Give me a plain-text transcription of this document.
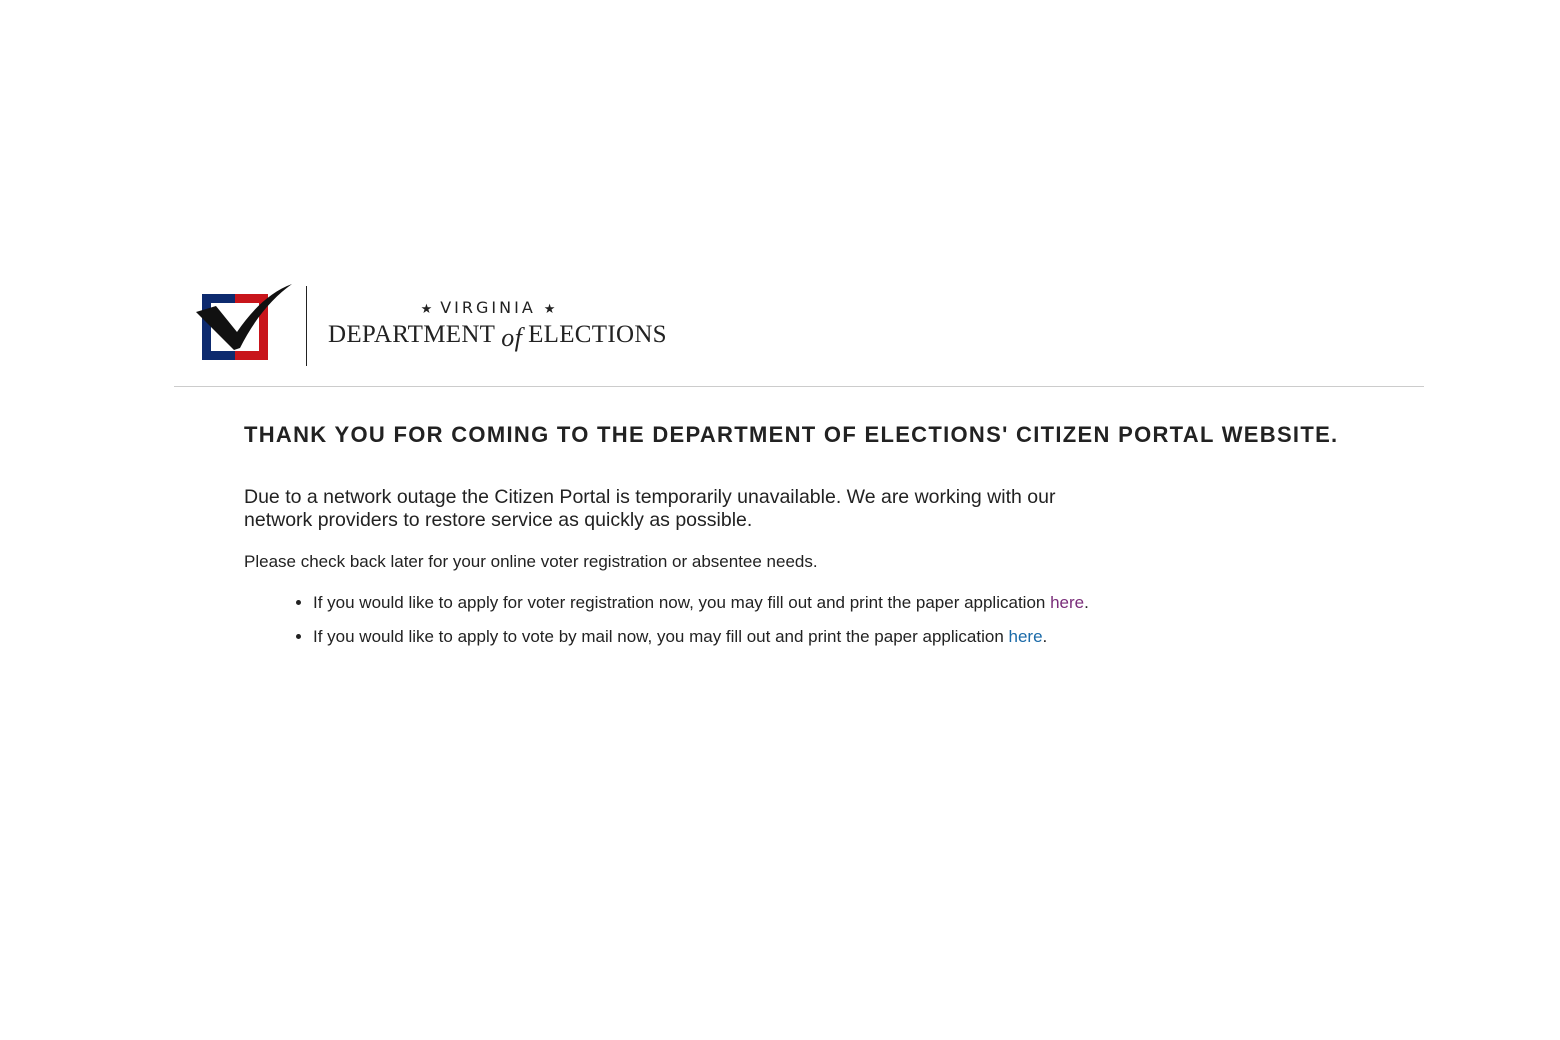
★ VIRGINIA ★
DEPARTMENT of ELECTIONS
THANK YOU FOR COMING TO THE DEPARTMENT OF ELECTIONS' CITIZEN PORTAL WEBSITE.

Due to a network outage the Citizen Portal is temporarily unavailable. We are working with our network providers to restore service as quickly as possible.

Please check back later for your online voter registration or absentee needs.

• If you would like to apply for voter registration now, you may fill out and print the paper application here.
• If you would like to apply to vote by mail now, you may fill out and print the paper application here.
